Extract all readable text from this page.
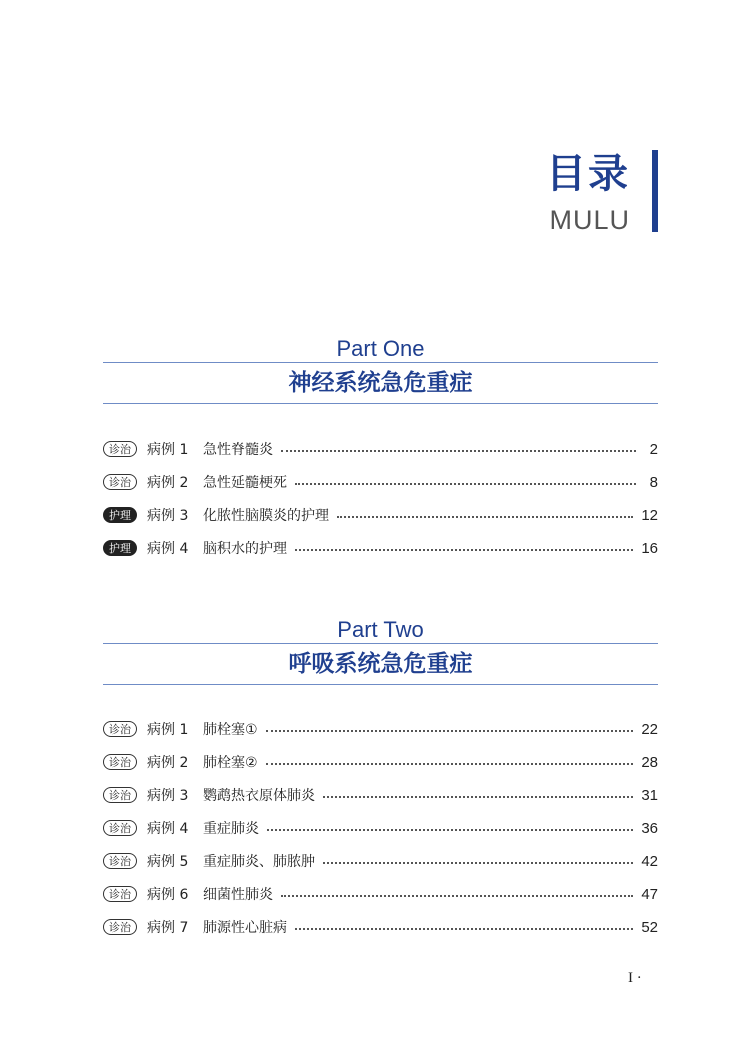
目录
MULU
Part One
神经系统急危重症
诊治	病例 1	急性脊髓炎	2
诊治	病例 2	急性延髓梗死	8
护理	病例 3	化脓性脑膜炎的护理	12
护理	病例 4	脑积水的护理	16
Part Two
呼吸系统急危重症
诊治	病例 1	肺栓塞①	22
诊治	病例 2	肺栓塞②	28
诊治	病例 3	鹦鹉热衣原体肺炎	31
诊治	病例 4	重症肺炎	36
诊治	病例 5	重症肺炎、肺脓肿	42
诊治	病例 6	细菌性肺炎	47
诊治	病例 7	肺源性心脏病	52
I ·
